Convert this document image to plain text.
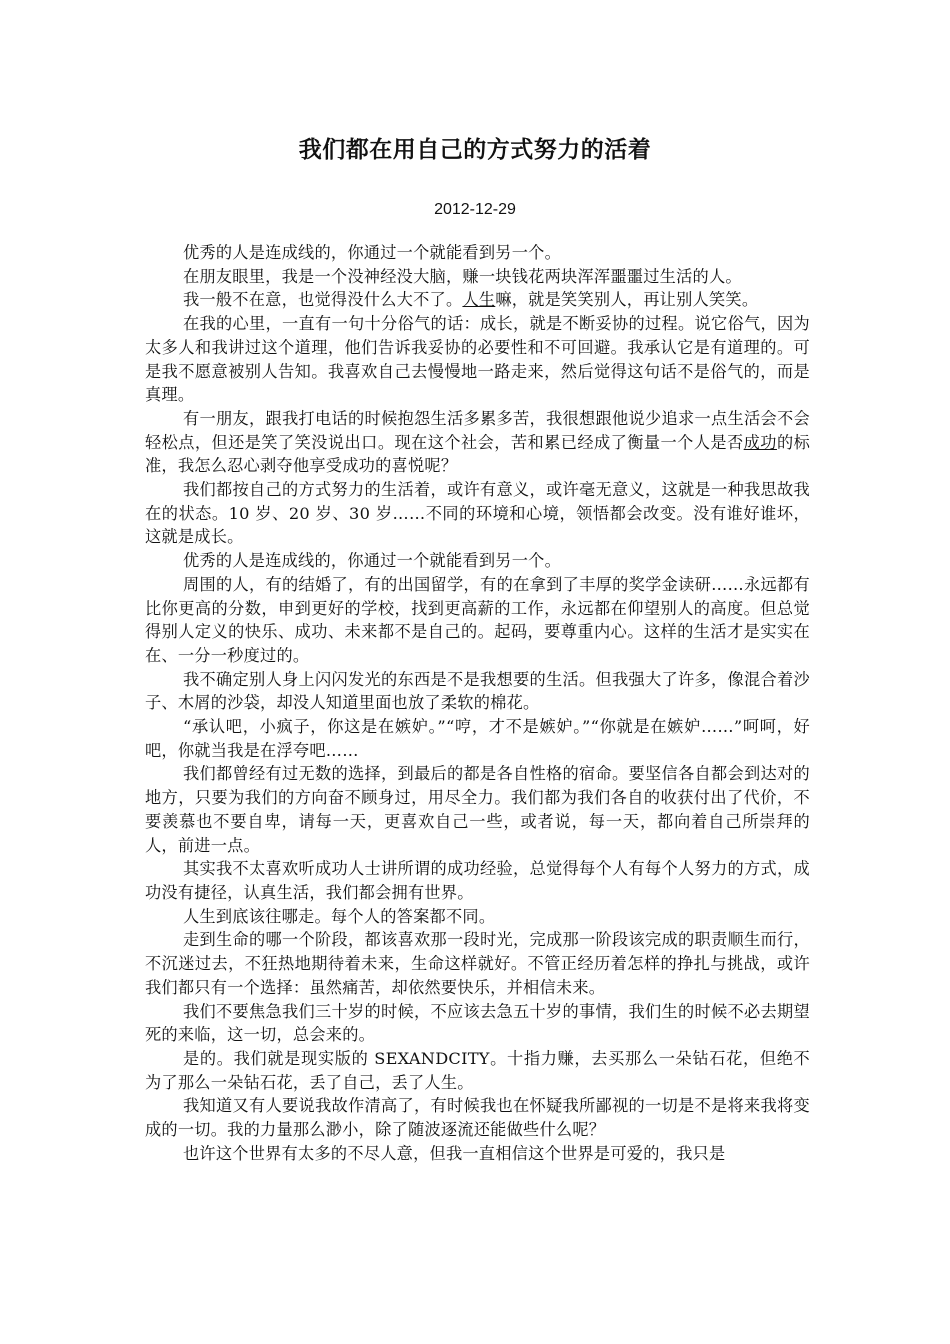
我们都在用自己的方式努力的活着
2012-12-29

优秀的人是连成线的，你通过一个就能看到另一个。

在朋友眼里，我是一个没神经没大脑，赚一块钱花两块浑浑噩噩过生活的人。

我一般不在意，也觉得没什么大不了。人生嘛，就是笑笑别人，再让别人笑笑。

在我的心里，一直有一句十分俗气的话：成长，就是不断妥协的过程。说它俗气，因为太多人和我讲过这个道理，他们告诉我妥协的必要性和不可回避。我承认它是有道理的。可是我不愿意被别人告知。我喜欢自己去慢慢地一路走来，然后觉得这句话不是俗气的，而是真理。

有一朋友，跟我打电话的时候抱怨生活多累多苦，我很想跟他说少追求一点生活会不会轻松点，但还是笑了笑没说出口。现在这个社会，苦和累已经成了衡量一个人是否成功的标准，我怎么忍心剥夺他享受成功的喜悦呢？

我们都按自己的方式努力的生活着，或许有意义，或许毫无意义，这就是一种我思故我在的状态。10 岁、20 岁、30 岁……不同的环境和心境，领悟都会改变。没有谁好谁坏，这就是成长。

优秀的人是连成线的，你通过一个就能看到另一个。

周围的人，有的结婚了，有的出国留学，有的在拿到了丰厚的奖学金读研……永远都有比你更高的分数，申到更好的学校，找到更高薪的工作，永远都在仰望别人的高度。但总觉得别人定义的快乐、成功、未来都不是自己的。起码，要尊重内心。这样的生活才是实实在在、一分一秒度过的。

我不确定别人身上闪闪发光的东西是不是我想要的生活。但我强大了许多，像混合着沙子、木屑的沙袋，却没人知道里面也放了柔软的棉花。

“承认吧，小疯子，你这是在嫉妒。”“哼，才不是嫉妒。”“你就是在嫉妒……”呵呵，好吧，你就当我是在浮夸吧……

我们都曾经有过无数的选择，到最后的都是各自性格的宿命。要坚信各自都会到达对的地方，只要为我们的方向奋不顾身过，用尽全力。我们都为我们各自的收获付出了代价，不要羡慕也不要自卑，请每一天，更喜欢自己一些，或者说，每一天，都向着自己所崇拜的人，前进一点。

其实我不太喜欢听成功人士讲所谓的成功经验，总觉得每个人有每个人努力的方式，成功没有捷径，认真生活，我们都会拥有世界。

人生到底该往哪走。每个人的答案都不同。

走到生命的哪一个阶段，都该喜欢那一段时光，完成那一阶段该完成的职责顺生而行，不沉迷过去，不狂热地期待着未来，生命这样就好。不管正经历着怎样的挣扎与挑战，或许我们都只有一个选择：虽然痛苦，却依然要快乐，并相信未来。

我们不要焦急我们三十岁的时候，不应该去急五十岁的事情，我们生的时候不必去期望死的来临，这一切，总会来的。

是的。我们就是现实版的 SEXANDCITY。十指力赚，去买那么一朵钻石花，但绝不为了那么一朵钻石花，丢了自己，丢了人生。

我知道又有人要说我故作清高了，有时候我也在怀疑我所鄙视的一切是不是将来我将变成的一切。我的力量那么渺小，除了随波逐流还能做些什么呢？

也许这个世界有太多的不尽人意，但我一直相信这个世界是可爱的，我只是
